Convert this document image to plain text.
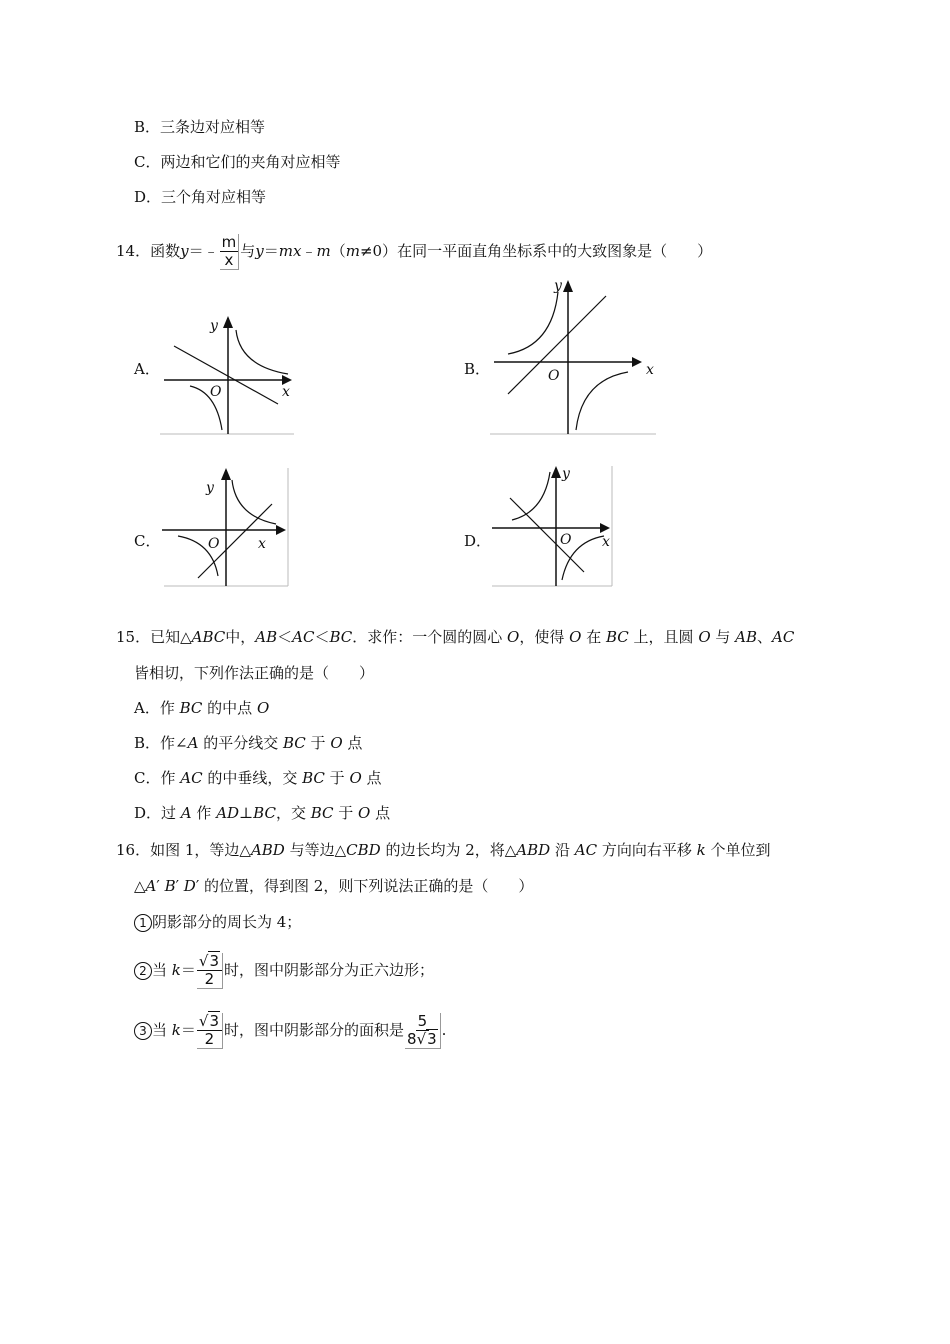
B．三条边对应相等
C．两边和它们的夹角对应相等
D．三个角对应相等
14．函数y＝﹣ $\frac{m}{x}$ 与y＝mx﹣m（m≠0）在同一平面直角坐标系中的大致图象是（　　）
A．	B．
C．	D．
y
x
O
y
x
O
y
x
O
y
x
O
15．已知△ABC中，AB＜AC＜BC．求作：一个圆的圆心 O，使得 O 在 BC 上，且圆 O 与 AB、AC
皆相切，下列作法正确的是（　　）
A．作 BC 的中点 O
B．作∠A 的平分线交 BC 于 O 点
C．作 AC 的中垂线，交 BC 于 O 点
D．过 A 作 AD⊥BC，交 BC 于 O 点
16．如图 1，等边△ABD 与等边△CBD 的边长均为 2，将△ABD 沿 AC 方向向右平移 k 个单位到
△A′ B′ D′ 的位置，得到图 2，则下列说法正确的是（　　）
1 阴影部分的周长为 4；
2 当 $k= \frac{√3}{2}$ 时，图中阴影部分为正六边形；
3 当 $k= \frac{√3}{2}$ 时，图中阴影部分的面积是 $\frac{5}{8√3}$ .
